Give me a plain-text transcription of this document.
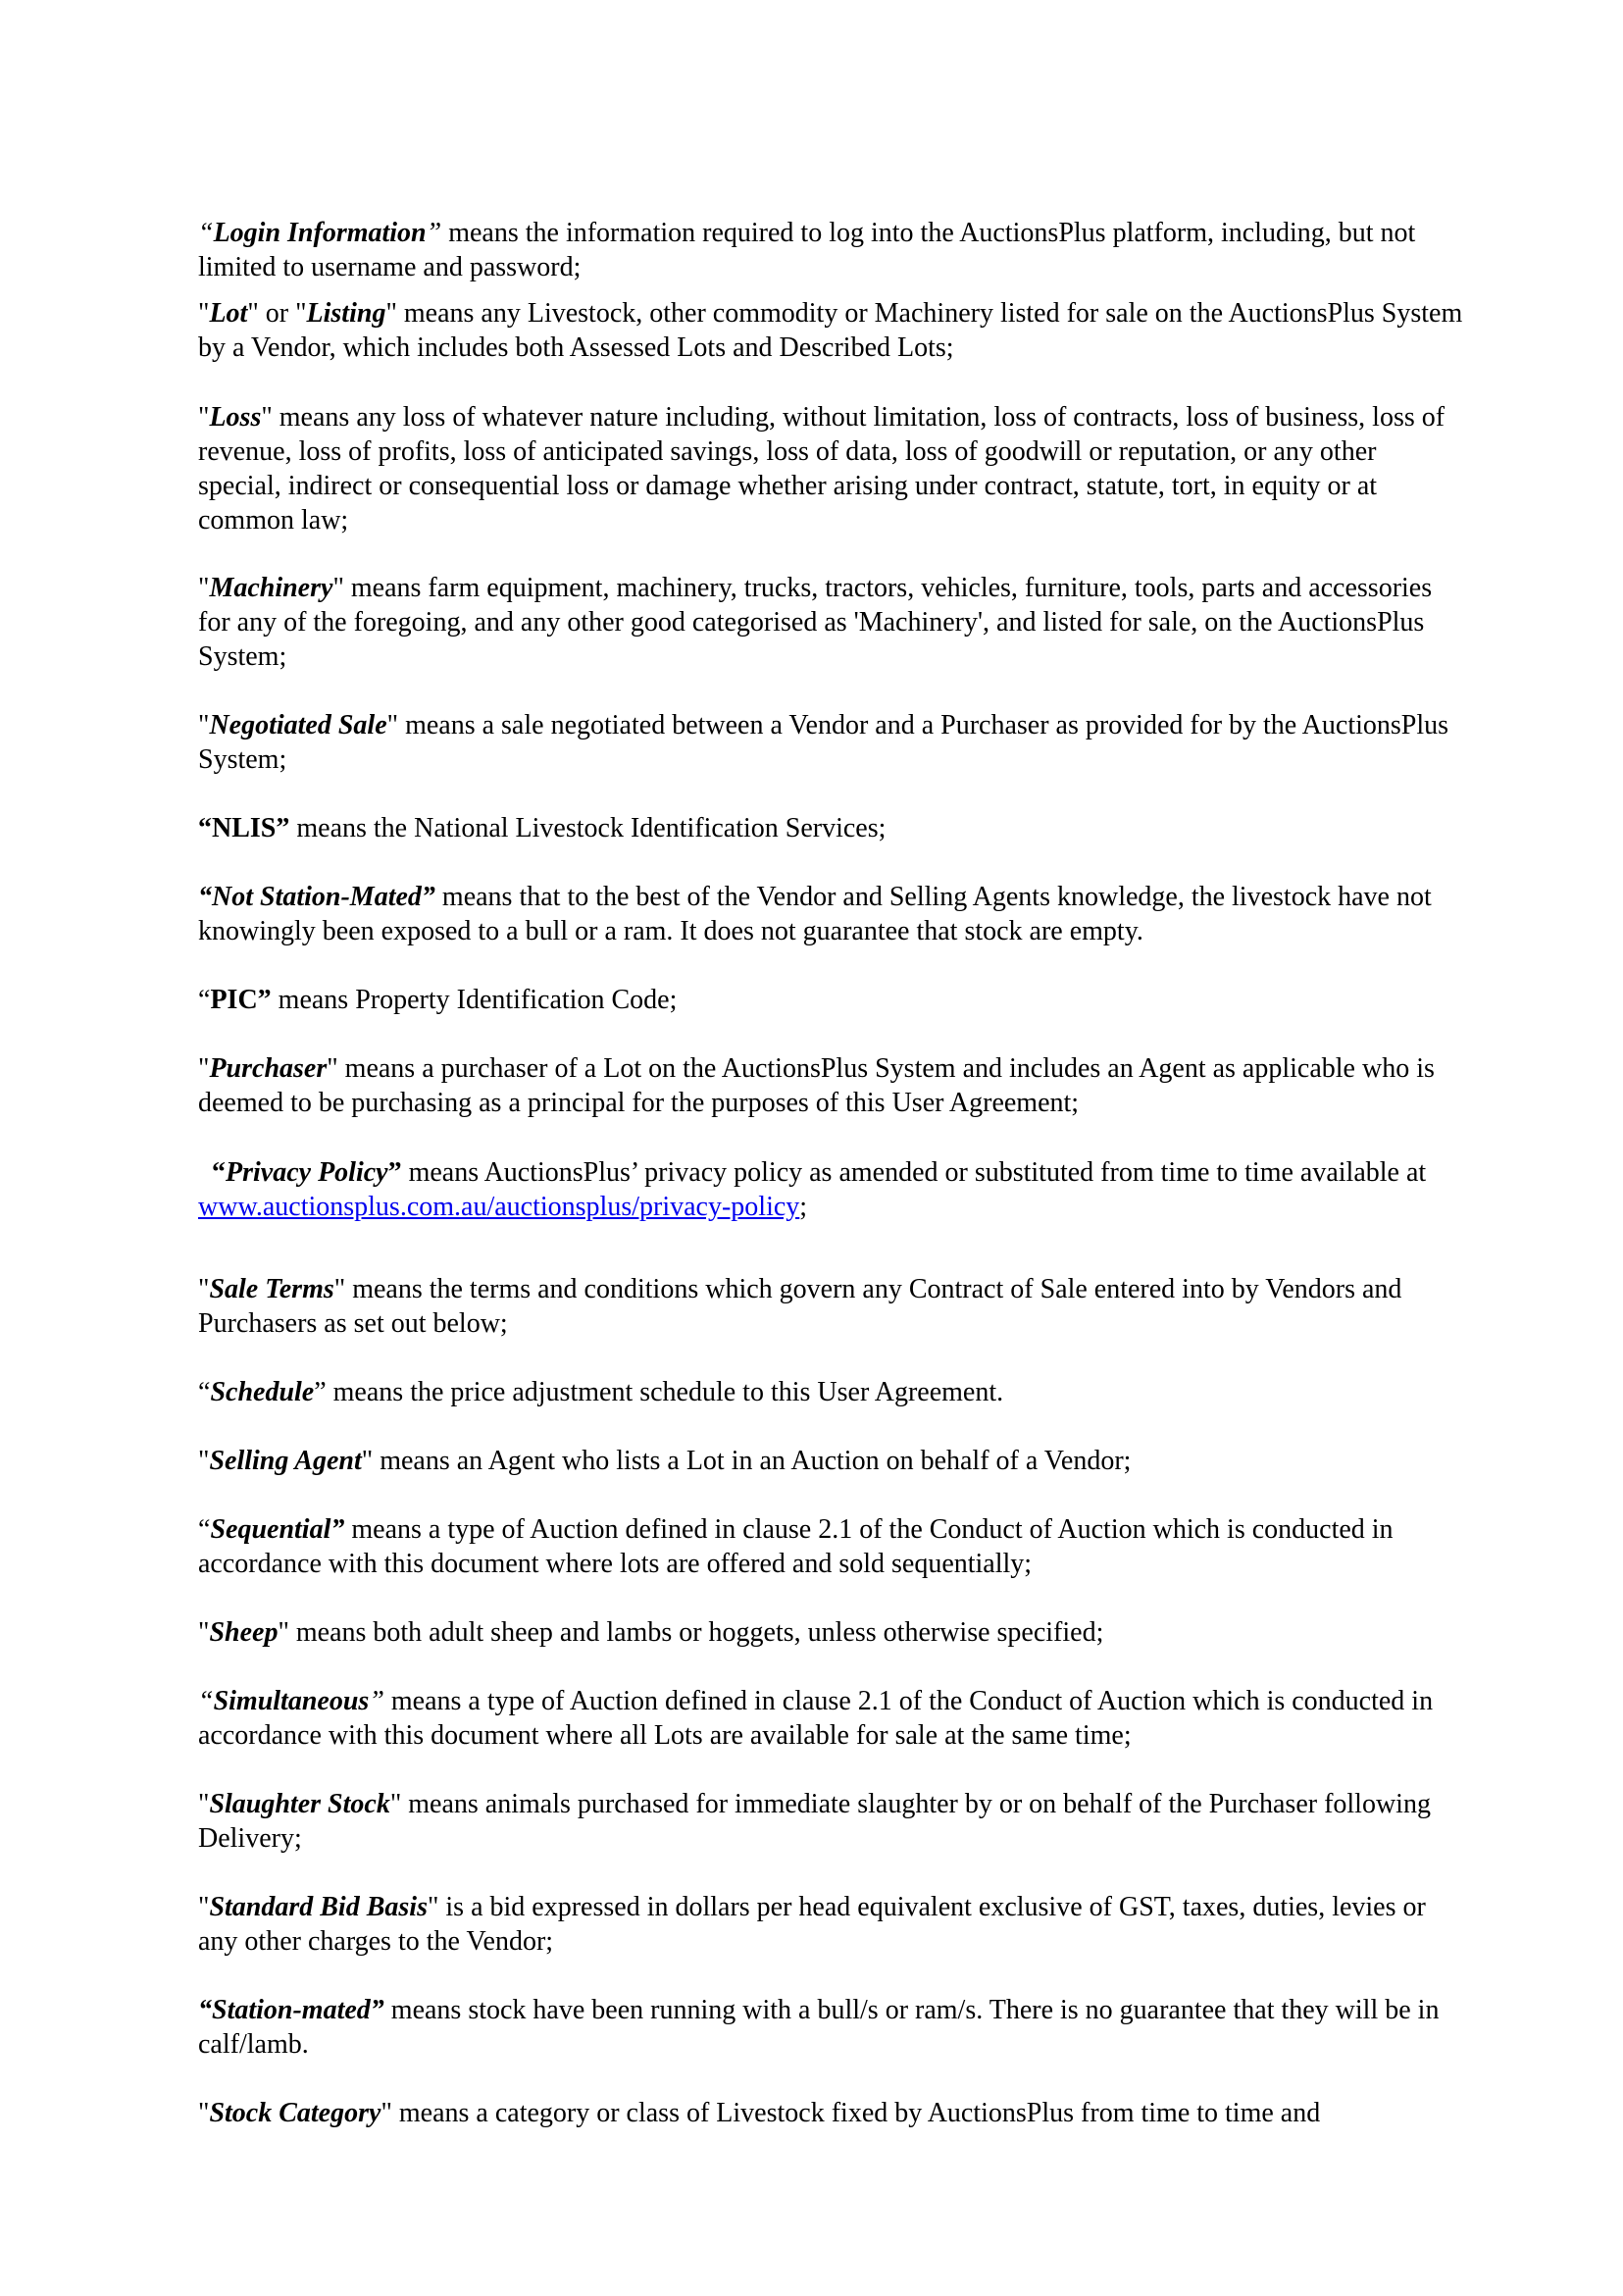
“Login Information” means the information required to log into the AuctionsPlus platform, including, but not limited to username and password;

"Lot" or "Listing" means any Livestock, other commodity or Machinery listed for sale on the AuctionsPlus System by a Vendor, which includes both Assessed Lots and Described Lots;

"Loss" means any loss of whatever nature including, without limitation, loss of contracts, loss of business, loss of revenue, loss of profits, loss of anticipated savings, loss of data, loss of goodwill or reputation, or any other special, indirect or consequential loss or damage whether arising under contract, statute, tort, in equity or at common law;

"Machinery" means farm equipment, machinery, trucks, tractors, vehicles, furniture, tools, parts and accessories for any of the foregoing, and any other good categorised as 'Machinery', and listed for sale, on the AuctionsPlus System;

"Negotiated Sale" means a sale negotiated between a Vendor and a Purchaser as provided for by the AuctionsPlus System;

“NLIS” means the National Livestock Identification Services;

“Not Station-Mated” means that to the best of the Vendor and Selling Agents knowledge, the livestock have not knowingly been exposed to a bull or a ram. It does not guarantee that stock are empty.

“PIC” means Property Identification Code;

"Purchaser" means a purchaser of a Lot on the AuctionsPlus System and includes an Agent as applicable who is deemed to be purchasing as a principal for the purposes of this User Agreement;

“Privacy Policy” means AuctionsPlus’ privacy policy as amended or substituted from time to time available at www.auctionsplus.com.au/auctionsplus/privacy-policy;

"Sale Terms" means the terms and conditions which govern any Contract of Sale entered into by Vendors and Purchasers as set out below;

“Schedule” means the price adjustment schedule to this User Agreement.

"Selling Agent" means an Agent who lists a Lot in an Auction on behalf of a Vendor;

“Sequential” means a type of Auction defined in clause 2.1 of the Conduct of Auction which is conducted in accordance with this document where lots are offered and sold sequentially;

"Sheep" means both adult sheep and lambs or hoggets, unless otherwise specified;

“Simultaneous” means a type of Auction defined in clause 2.1 of the Conduct of Auction which is conducted in accordance with this document where all Lots are available for sale at the same time;

"Slaughter Stock" means animals purchased for immediate slaughter by or on behalf of the Purchaser following Delivery;

"Standard Bid Basis" is a bid expressed in dollars per head equivalent exclusive of GST, taxes, duties, levies or any other charges to the Vendor;

“Station-mated” means stock have been running with a bull/s or ram/s. There is no guarantee that they will be in calf/lamb.

"Stock Category" means a category or class of Livestock fixed by AuctionsPlus from time to time and
